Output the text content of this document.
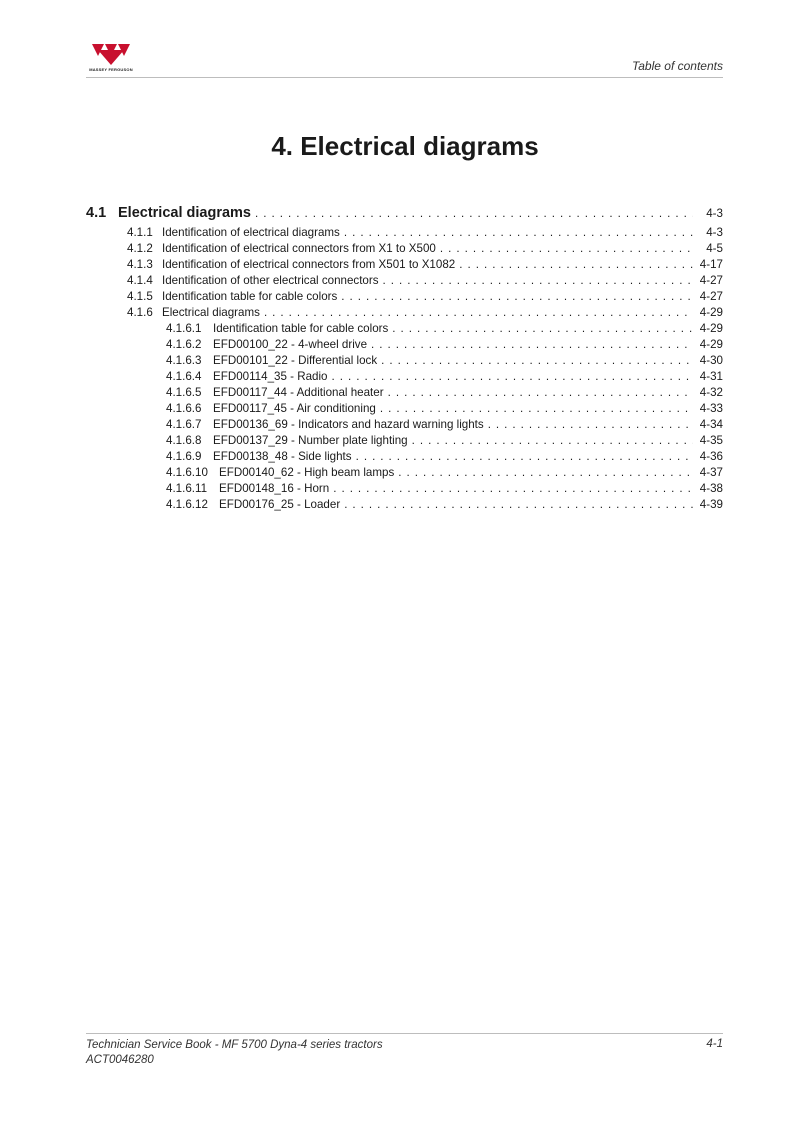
MASSEY FERGUSON	Table of contents
4. Electrical diagrams
4.1 Electrical diagrams . . .	4-3
4.1.1 Identification of electrical diagrams . . .	4-3
4.1.2 Identification of electrical connectors from X1 to X500 . . .	4-5
4.1.3 Identification of electrical connectors from X501 to X1082 . . .	4-17
4.1.4 Identification of other electrical connectors . . .	4-27
4.1.5 Identification table for cable colors . . .	4-27
4.1.6 Electrical diagrams . . .	4-29
4.1.6.1 Identification table for cable colors . . .	4-29
4.1.6.2 EFD00100_22 - 4-wheel drive . . .	4-29
4.1.6.3 EFD00101_22 - Differential lock . . .	4-30
4.1.6.4 EFD00114_35 - Radio . . .	4-31
4.1.6.5 EFD00117_44 - Additional heater . . .	4-32
4.1.6.6 EFD00117_45 - Air conditioning . . .	4-33
4.1.6.7 EFD00136_69 - Indicators and hazard warning lights . . .	4-34
4.1.6.8 EFD00137_29 - Number plate lighting . . .	4-35
4.1.6.9 EFD00138_48 - Side lights . . .	4-36
4.1.6.10 EFD00140_62 - High beam lamps . . .	4-37
4.1.6.11	EFD00148_16 - Horn . . .	4-38
4.1.6.12 EFD00176_25 - Loader . . .	4-39
Technician Service Book - MF 5700 Dyna-4 series tractors
ACT0046280
4-1
